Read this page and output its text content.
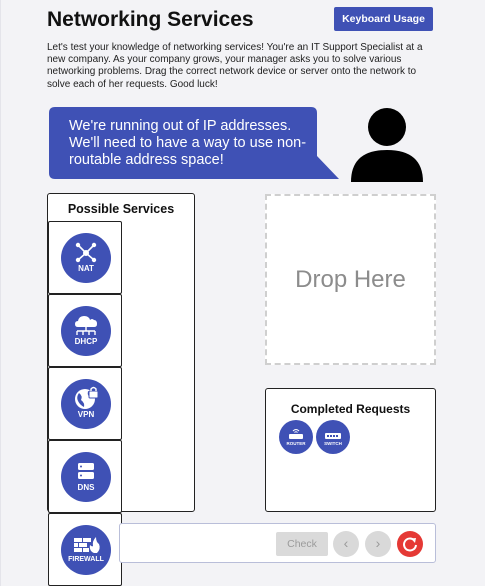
Networking Services	Keyboard Usage

Let's test your knowledge of networking services! You're an IT Support Specialist at a new company. As your company grows, your manager asks you to solve various networking problems. Drag the correct network device or server onto the network to solve each of her requests. Good luck!

We're running out of IP addresses. We'll need to have a way to use non-routable address space!
Possible Services
NAT
DHCP
VPN
DNS
FIREWALL
Drop Here
Completed Requests
ROUTER	SWITCH
Check	‹	›
